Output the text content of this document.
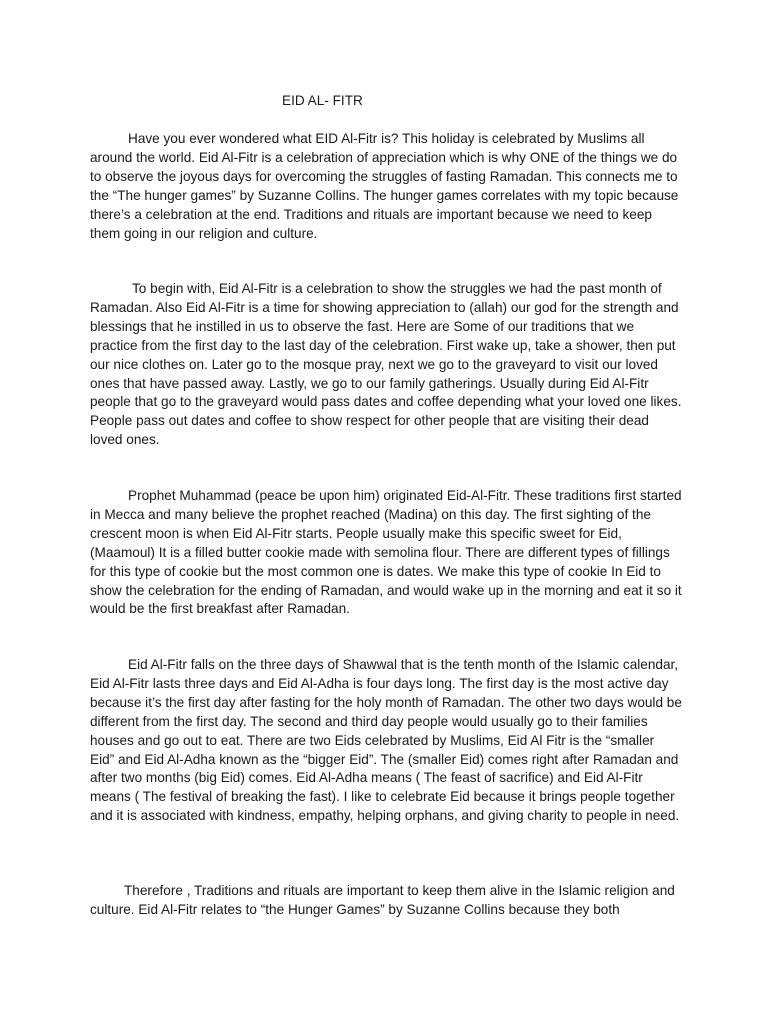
EID AL- FITR

Have you ever wondered what EID Al-Fitr is? This holiday is celebrated by Muslims all around the world. Eid Al-Fitr is a celebration of appreciation which is why ONE of the things we do to observe the joyous days for overcoming the struggles of fasting Ramadan. This connects me to the “The hunger games” by Suzanne Collins. The hunger games correlates with my topic because there’s a celebration at the end. Traditions and rituals are important because we need to keep them going in our religion and culture.

To begin with, Eid Al-Fitr is a celebration to show the struggles we had the past month of Ramadan. Also Eid Al-Fitr is a time for showing appreciation to (allah) our god for the strength and blessings that he instilled in us to observe the fast. Here are Some of our traditions that we practice from the first day to the last day of the celebration. First wake up, take a shower, then put our nice clothes on. Later go to the mosque pray, next we go to the graveyard to visit our loved ones that have passed away. Lastly, we go to our family gatherings. Usually during Eid Al-Fitr people that go to the graveyard would pass dates and coffee depending what your loved one likes. People pass out dates and coffee to show respect for other people that are visiting their dead loved ones.

Prophet Muhammad (peace be upon him) originated Eid-Al-Fitr. These traditions first started in Mecca and many believe the prophet reached (Madina) on this day. The first sighting of the crescent moon is when Eid Al-Fitr starts. People usually make this specific sweet for Eid, (Maamoul) It is a filled butter cookie made with semolina flour. There are different types of fillings for this type of cookie but the most common one is dates. We make this type of cookie In Eid to show the celebration for the ending of Ramadan, and would wake up in the morning and eat it so it would be the first breakfast after Ramadan.

Eid Al-Fitr falls on the three days of Shawwal that is the tenth month of the Islamic calendar, Eid Al-Fitr lasts three days and Eid Al-Adha is four days long. The first day is the most active day because it’s the first day after fasting for the holy month of Ramadan. The other two days would be different from the first day. The second and third day people would usually go to their families houses and go out to eat. There are two Eids celebrated by Muslims, Eid Al Fitr is the “smaller Eid” and Eid Al-Adha known as the “bigger Eid”. The (smaller Eid) comes right after Ramadan and after two months (big Eid) comes. Eid Al-Adha means ( The feast of sacrifice) and Eid Al-Fitr means ( The festival of breaking the fast). I like to celebrate Eid because it brings people together and it is associated with kindness, empathy, helping orphans, and giving charity to people in need.

Therefore , Traditions and rituals are important to keep them alive in the Islamic religion and culture. Eid Al-Fitr relates to “the Hunger Games” by Suzanne Collins because they both
